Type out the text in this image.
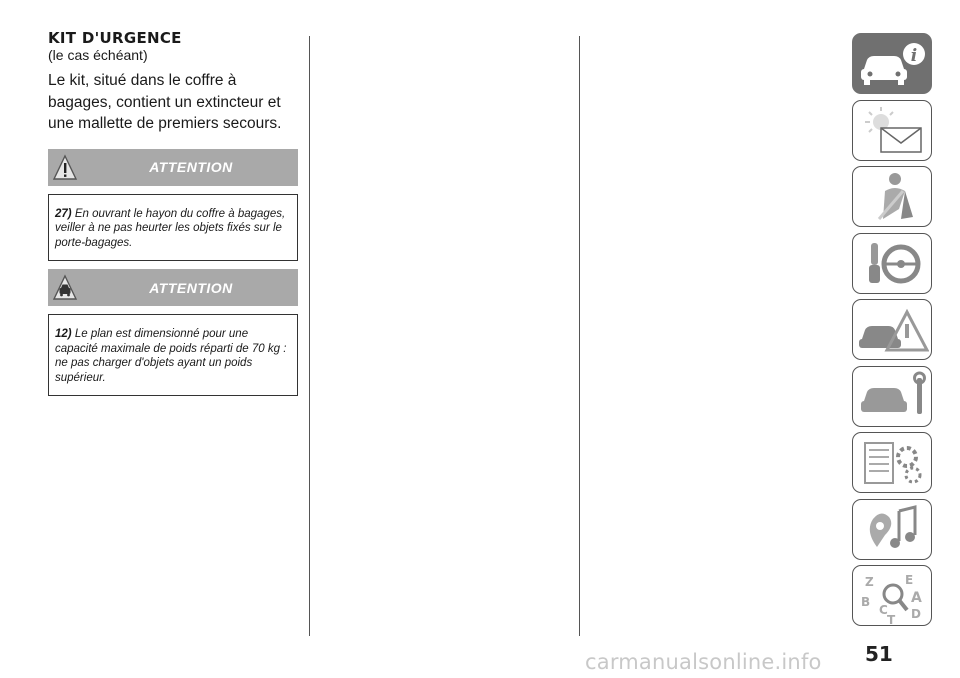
KIT D'URGENCE
(le cas échéant)
Le kit, situé dans le coffre à bagages, contient un extincteur et une mallette de premiers secours.
ATTENTION
27) En ouvrant le hayon du coffre à bagages, veiller à ne pas heurter les objets fixés sur le porte-bagages.
ATTENTION
12) Le plan est dimensionné pour une capacité maximale de poids réparti de 70 kg : ne pas charger d'objets ayant un poids supérieur.
i
Z	E
A
B
C D
T
51
carmanualsonline.info
